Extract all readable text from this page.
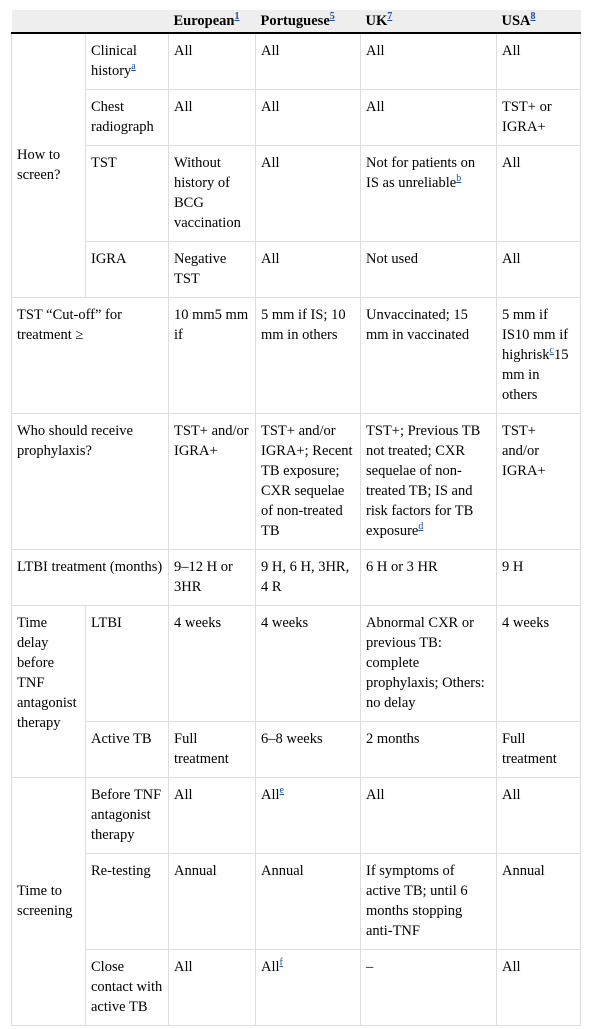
		European$^1$	Portuguese$^5$	UK$^7$	USA$^8$
How to screen?	Clinical history$^a$	All	All	All	All
	Chest radiograph	All	All	All	TST+ or IGRA+
	TST	Without history of BCG vaccination	All	Not for patients on IS as unreliable$^b$	All
	IGRA	Negative TST	All	Not used	All
TST “Cut-off” for treatment ≥		10 mm5 mm if	5 mm if IS; 10 mm in others	Unvaccinated; 15 mm in vaccinated	5 mm if IS10 mm if highrisk$^c$15 mm in others
Who should receive prophylaxis?		TST+ and/or IGRA+	TST+ and/or IGRA+; Recent TB exposure; CXR sequelae of non-treated TB	TST+; Previous TB not treated; CXR sequelae of non-treated TB; IS and risk factors for TB exposure$^d$	TST+ and/or IGRA+
LTBI treatment (months)		9–12 H or 3HR	9 H, 6 H, 3HR, 4 R	6 H or 3 HR	9 H
Time delay before TNF antagonist therapy	LTBI	4 weeks	4 weeks	Abnormal CXR or previous TB: complete prophylaxis; Others: no delay	4 weeks
	Active TB	Full treatment	6–8 weeks	2 months	Full treatment
Time to screening	Before TNF antagonist therapy	All	All$^e$	All	All
	Re-testing	Annual	Annual	If symptoms of active TB; until 6 months stopping anti-TNF	Annual
	Close contact with active TB	All	All$^f$	–	All
